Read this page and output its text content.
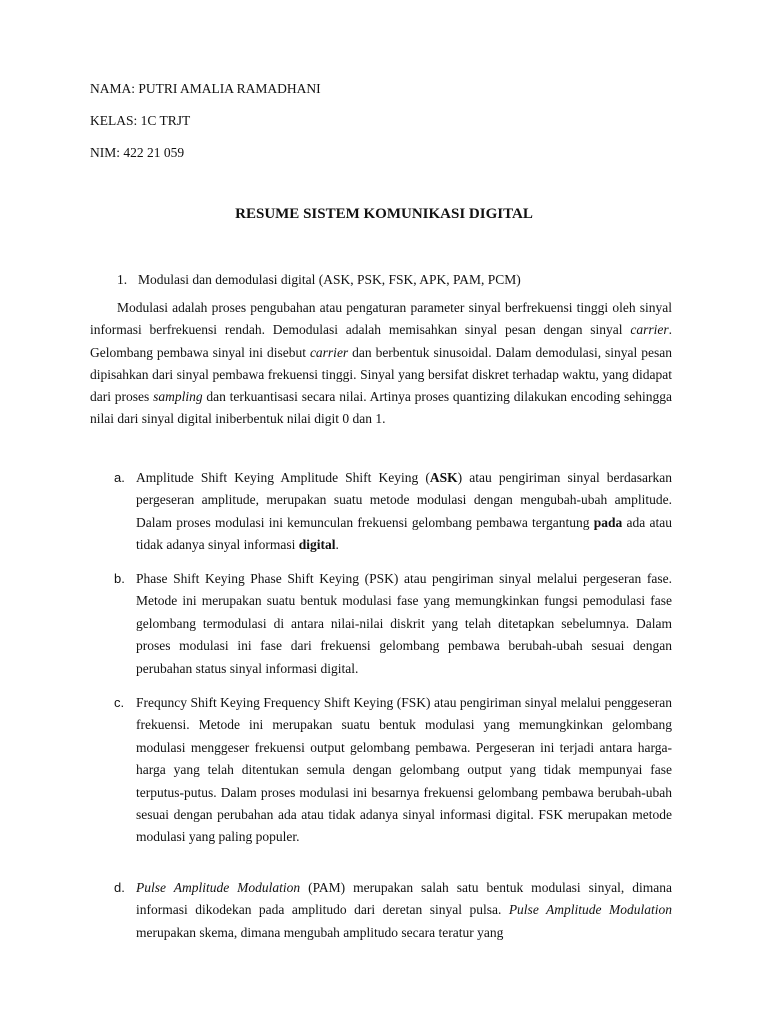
NAMA: PUTRI AMALIA RAMADHANI
KELAS: 1C TRJT
NIM: 422 21 059
RESUME SISTEM KOMUNIKASI DIGITAL
1. Modulasi dan demodulasi digital (ASK, PSK, FSK, APK, PAM, PCM)

Modulasi adalah proses pengubahan atau pengaturan parameter sinyal berfrekuensi tinggi oleh sinyal informasi berfrekuensi rendah. Demodulasi adalah memisahkan sinyal pesan dengan sinyal carrier. Gelombang pembawa sinyal ini disebut carrier dan berbentuk sinusoidal. Dalam demodulasi, sinyal pesan dipisahkan dari sinyal pembawa frekuensi tinggi. Sinyal yang bersifat diskret terhadap waktu, yang didapat dari proses sampling dan terkuantisasi secara nilai. Artinya proses quantizing dilakukan encoding sehingga nilai dari sinyal digital iniberbentuk nilai digit 0 dan 1.

a. Amplitude Shift Keying Amplitude Shift Keying (ASK) atau pengiriman sinyal berdasarkan pergeseran amplitude, merupakan suatu metode modulasi dengan mengubah-ubah amplitude. Dalam proses modulasi ini kemunculan frekuensi gelombang pembawa tergantung pada ada atau tidak adanya sinyal informasi digital.
b. Phase Shift Keying Phase Shift Keying (PSK) atau pengiriman sinyal melalui pergeseran fase. Metode ini merupakan suatu bentuk modulasi fase yang memungkinkan fungsi pemodulasi fase gelombang termodulasi di antara nilai-nilai diskrit yang telah ditetapkan sebelumnya. Dalam proses modulasi ini fase dari frekuensi gelombang pembawa berubah-ubah sesuai dengan perubahan status sinyal informasi digital.
c. Frequncy Shift Keying Frequency Shift Keying (FSK) atau pengiriman sinyal melalui penggeseran frekuensi. Metode ini merupakan suatu bentuk modulasi yang memungkinkan gelombang modulasi menggeser frekuensi output gelombang pembawa. Pergeseran ini terjadi antara harga-harga yang telah ditentukan semula dengan gelombang output yang tidak mempunyai fase terputus-putus. Dalam proses modulasi ini besarnya frekuensi gelombang pembawa berubah-ubah sesuai dengan perubahan ada atau tidak adanya sinyal informasi digital. FSK merupakan metode modulasi yang paling populer.
d. Pulse Amplitude Modulation (PAM) merupakan salah satu bentuk modulasi sinyal, dimana informasi dikodekan pada amplitudo dari deretan sinyal pulsa. Pulse Amplitude Modulation merupakan skema, dimana mengubah amplitudo secara teratur yang
